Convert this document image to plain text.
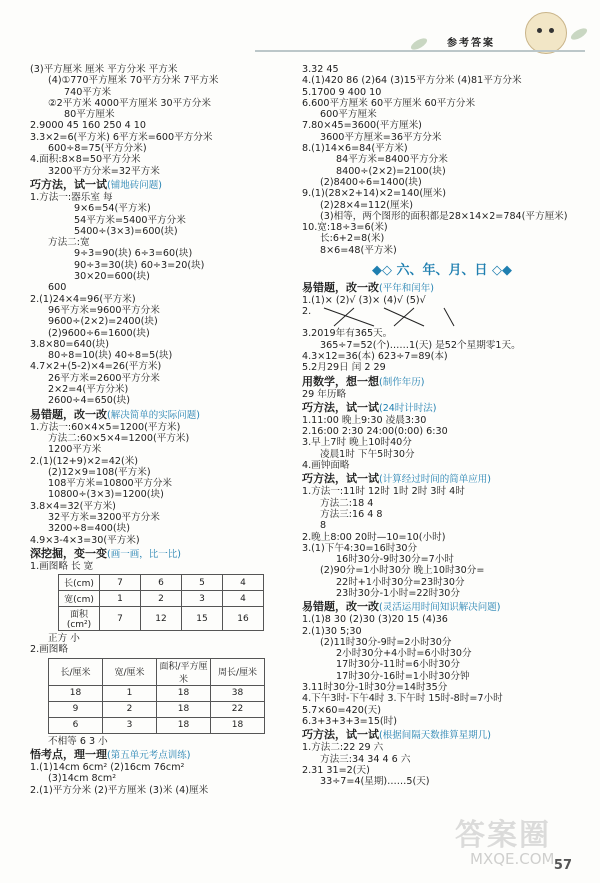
参考答案
(3)平方厘米 厘米 平方分米 平方米
(4)①770平方厘米 70平方分米 7平方米
740平方米
②2平方米 4000平方厘米 30平方分米
80平方厘米
2.9000 45 160 250 4 10
3.3×2=6(平方米) 6平方米=600平方分米
600÷8=75(平方分米)
4.面积:8×8=50平方分米
3200平方分米=32平方米
巧方法，试一试(铺地砖问题)
1.方法一:器乐室 每
9×6=54(平方米)
54平方米=5400平方分米
5400÷(3×3)=600(块)
方法二:宽
9÷3=90(块) 6÷3=60(块)
90÷3=30(块) 60÷3=20(块)
30×20=600(块)
600
2.(1)24×4=96(平方米)
96平方米=9600平方分米
9600÷(2×2)=2400(块)
(2)9600÷6=1600(块)
3.8×80=640(块)
80÷8=10(块) 40÷8=5(块)
4.7×2+(5-2)×4=26(平方米)
26平方米=2600平方分米
2×2=4(平方分米)
2600÷4=650(块)
易错题，改一改(解决简单的实际问题)
1.方法一:60×4×5=1200(平方米)
方法二:60×5×4=1200(平方米)
1200平方米
2.(1)(12+9)×2=42(米)
(2)12×9=108(平方米)
108平方米=10800平方分米
10800÷(3×3)=1200(块)
3.8×4=32(平方米)
32平方米=3200平方分米
3200÷8=400(块)
4.9×3-4×3=30(平方米)
深挖掘，变一变(画一画，比一比)
1.画图略 长 宽
长(cm)	7	6	5	4
宽(cm)	1	2	3	4
面积(cm²)	7	12	15	16
正方 小
2.画图略
长/厘米	宽/厘米	面积/平方厘米	周长/厘米
18	1	18	38
9	2	18	22
6	3	18	18
不相等 6 3 小
悟考点，理一理(第五单元考点训练)
1.(1)14cm 6cm² (2)16cm 76cm²
(3)14cm 8cm²
2.(1)平方分米 (2)平方厘米 (3)米 (4)厘米
3.32 45
4.(1)420 86 (2)64 (3)15平方分米 (4)81平方分米
5.1700 9 400 10
6.600平方厘米 60平方厘米 60平方分米
600平方厘米
7.80×45=3600(平方厘米)
3600平方厘米=36平方分米
8.(1)14×6=84(平方米)
84平方米=8400平方分米
8400÷(2×2)=2100(块)
(2)8400÷6=1400(块)
9.(1)(28×2+14)×2=140(厘米)
(2)28×4=112(厘米)
(3)相等，两个图形的面积都是28×14×2=784(平方厘米)
10.宽:18÷3=6(米)
长:6+2=8(米)
8×6=48(平方米)
◆◇ 六、年、月、日 ◇◆
易错题，改一改(平年和闰年)
1.(1)× (2)√ (3)× (4)√ (5)√
2.
3.2019年有365天。
365÷7=52(个)……1(天) 是52个星期零1天。
4.3×12=36(本) 623÷7=89(本)
5.2月29日 闰 2 29
用数学，想一想(制作年历)
29 年历略
巧方法，试一试(24时计时法)
1.11:00 晚上9:30 凌晨3:30
2.16:00 2:30 24:00(0:00) 6:30
3.早上7时 晚上10时40分
凌晨1时 下午5时30分
4.画钟面略
巧方法，试一试(计算经过时间的简单应用)
1.方法一:11时 12时 1时 2时 3时 4时
方法二:18 4
方法三:16 4 8
8
2.晚上8:00 20时—10=10(小时)
3.(1)下午4:30=16时30分
16时30分-9时30分=7小时
(2)90分=1小时30分 晚上10时30分=
22时+1小时30分=23时30分
23时30分-1小时=22时30分
易错题，改一改(灵活运用时间知识解决问题)
1.(1)8 30 (2)30 (3)20 15 (4)36
2.(1)30 5;30
(2)11时30分-9时=2小时30分
2小时30分+4小时=6小时30分
17时30分-11时=6小时30分
17时30分-16时=1小时30分钟
3.11时30分-1时30分=14时35分
4.下午3时-下午4时 3.下午时 15时-8时=7小时
5.7×60=420(天)
6.3+3+3+3=15(时)
巧方法，试一试(根据间隔天数推算星期几)
1.方法二:22 29 六
方法三:34 34 4 6 六
2.31 31=2(天)
33÷7=4(星期)……5(天)
答案圈
MXQE.COM 57
